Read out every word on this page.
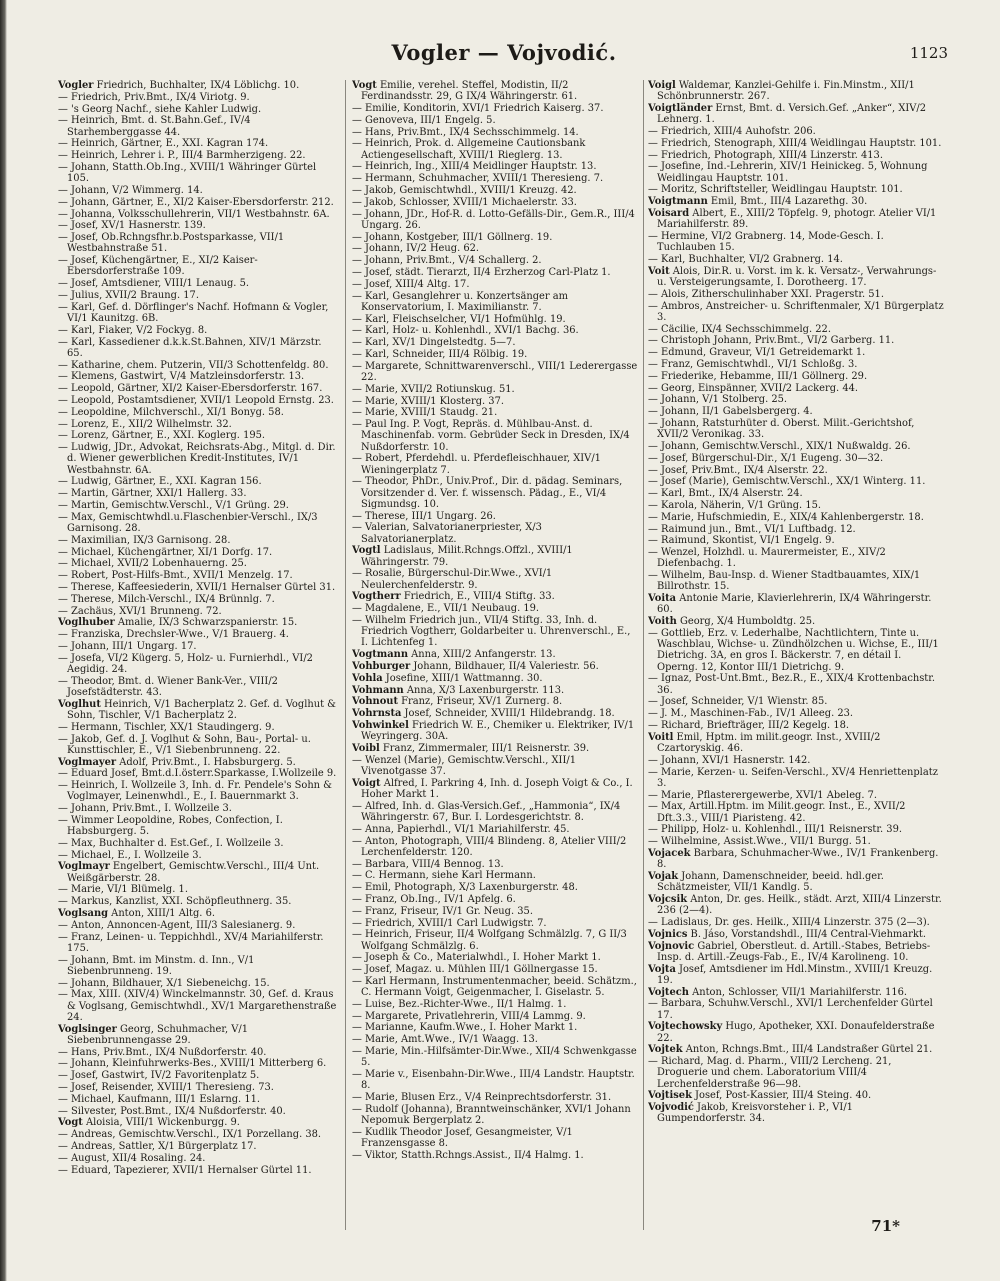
Vogler — Vojvodić.	1123
Vogler Friedrich, Buchhalter, IX/4 Löblichg. 10.
— Friedrich, Priv.Bmt., IX/4 Viriotg. 9.
— 's Georg Nachf., siehe Kahler Ludwig.
— Heinrich, Bmt. d. St.Bahn.Gef., IV/4 Starhemberggasse 44.
— Heinrich, Gärtner, E., XXI. Kagran 174.
— Heinrich, Lehrer i. P., III/4 Barmherzigeng. 22.
— Johann, Statth.Ob.Ing., XVIII/1 Währinger Gürtel 105.
— Johann, V/2 Wimmerg. 14.
— Johann, Gärtner, E., XI/2 Kaiser-Ebersdorferstr. 212.
— Johanna, Volksschullehrerin, VII/1 Westbahnstr. 6A.
— Josef, XV/1 Hasnerstr. 139.
— Josef, Ob.Rchngsfhr.b.Postsparkasse, VII/1 Westbahnstraße 51.
— Josef, Küchengärtner, E., XI/2 Kaiser-Ebersdorferstraße 109.
— Josef, Amtsdiener, VIII/1 Lenaug. 5.
— Julius, XVII/2 Braung. 17.
— Karl, Gef. d. Dörflinger's Nachf. Hofmann & Vogler, VI/1 Kaunitzg. 6B.
— Karl, Fiaker, V/2 Fockyg. 8.
— Karl, Kassediener d.k.k.St.Bahnen, XIV/1 Märzstr. 65.
— Katharine, chem. Putzerin, VII/3 Schottenfeldg. 80.
— Klemens, Gastwirt, V/4 Matzleinsdorferstr. 13.
— Leopold, Gärtner, XI/2 Kaiser-Ebersdorferstr. 167.
— Leopold, Postamtsdiener, XVII/1 Leopold Ernstg. 23.
— Leopoldine, Milchverschl., XI/1 Bonyg. 58.
— Lorenz, E., XII/2 Wilhelmstr. 32.
— Lorenz, Gärtner, E., XXI. Koglerg. 195.
— Ludwig, JDr., Advokat, Reichsrats-Abg., Mitgl. d. Dir. d. Wiener gewerblichen Kredit-Institutes, IV/1 Westbahnstr. 6A.
— Ludwig, Gärtner, E., XXI. Kagran 156.
— Martin, Gärtner, XXI/1 Hallerg. 33.
— Martin, Gemischtw.Verschl., V/1 Grüng. 29.
— Max, Gemischtwhdl.u.Flaschenbier-Verschl., IX/3 Garnisong. 28.
— Maximilian, IX/3 Garnisong. 28.
— Michael, Küchengärtner, XI/1 Dorfg. 17.
— Michael, XVII/2 Lobenhauerng. 25.
— Robert, Post-Hilfs-Bmt., XVII/1 Menzelg. 17.
— Therese, Kaffeesiederin, XVII/1 Hernalser Gürtel 31.
— Therese, Milch-Verschl., IX/4 Brünnlg. 7.
— Zachäus, XVI/1 Brunneng. 72.
Voglhuber Amalie, IX/3 Schwarzspanierstr. 15.
— Franziska, Drechsler-Wwe., V/1 Brauerg. 4.
— Johann, III/1 Ungarg. 17.
— Josefa, VI/2 Kügerg. 5, Holz- u. Furnierhdl., VI/2 Aegidig. 24.
— Theodor, Bmt. d. Wiener Bank-Ver., VIII/2 Josefstädterstr. 43.
Voglhut Heinrich, V/1 Bacherplatz 2. Gef. d. Voglhut & Sohn, Tischler, V/1 Bacherplatz 2.
— Hermann, Tischler, XX/1 Staudingerg. 9.
— Jakob, Gef. d. J. Voglhut & Sohn, Bau-, Portal- u. Kunsttischler, E., V/1 Siebenbrunneng. 22.
Voglmayer Adolf, Priv.Bmt., I. Habsburgerg. 5.
— Eduard Josef, Bmt.d.I.österr.Sparkasse, I.Wollzeile 9.
— Heinrich, I. Wollzeile 3, Inh. d. Fr. Pendele's Sohn & Voglmayer, Leinenwhdl., E., I. Bauernmarkt 3.
— Johann, Priv.Bmt., I. Wollzeile 3.
— Wimmer Leopoldine, Robes, Confection, I. Habsburgerg. 5.
— Max, Buchhalter d. Est.Gef., I. Wollzeile 3.
— Michael, E., I. Wollzeile 3.
Voglmayr Engelbert, Gemischtw.Verschl., III/4 Unt. Weißgärberstr. 28.
— Marie, VI/1 Blümelg. 1.
— Markus, Kanzlist, XXI. Schöpfleuthnerg. 35.
Voglsang Anton, XIII/1 Altg. 6.
— Anton, Annoncen-Agent, III/3 Salesianerg. 9.
— Franz, Leinen- u. Teppichhdl., XV/4 Mariahilferstr. 175.
— Johann, Bmt. im Minstm. d. Inn., V/1 Siebenbrunneng. 19.
— Johann, Bildhauer, X/1 Siebeneichg. 15.
— Max, XIII. (XIV/4) Winckelmannstr. 30, Gef. d. Kraus & Voglsang, Gemischtwhdl., XV/1 Margarethenstraße 24.
Voglsinger Georg, Schuhmacher, V/1 Siebenbrunnengasse 29.
— Hans, Priv.Bmt., IX/4 Nußdorferstr. 40.
— Johann, Kleinfuhrwerks-Bes., XVIII/1 Mitterberg 6.
— Josef, Gastwirt, IV/2 Favoritenplatz 5.
— Josef, Reisender, XVIII/1 Theresieng. 73.
— Michael, Kaufmann, III/1 Eslarng. 11.
— Silvester, Post.Bmt., IX/4 Nußdorferstr. 40.
Vogt Aloisia, VIII/1 Wickenburgg. 9.
— Andreas, Gemischtw.Verschl., IX/1 Porzellang. 38.
— Andreas, Sattler, X/1 Bürgerplatz 17.
— August, XII/4 Rosaling. 24.
— Eduard, Tapezierer, XVII/1 Hernalser Gürtel 11.
Vogt Emilie, verehel. Steffel, Modistin, II/2 Ferdinandsstr. 29, G IX/4 Währingerstr. 61.
— Emilie, Konditorin, XVI/1 Friedrich Kaiserg. 37.
— Genoveva, III/1 Engelg. 5.
— Hans, Priv.Bmt., IX/4 Sechsschimmelg. 14.
— Heinrich, Prok. d. Allgemeine Cautionsbank Actiengesellschaft, XVIII/1 Rieglerg. 13.
— Heinrich, Ing., XIII/4 Meidlinger Hauptstr. 13.
— Hermann, Schuhmacher, XVIII/1 Theresieng. 7.
— Jakob, Gemischtwhdl., XVIII/1 Kreuzg. 42.
— Jakob, Schlosser, XVIII/1 Michaelerstr. 33.
— Johann, JDr., Hof-R. d. Lotto-Gefälls-Dir., Gem.R., III/4 Ungarg. 26.
— Johann, Kostgeber, III/1 Göllnerg. 19.
— Johann, IV/2 Heug. 62.
— Johann, Priv.Bmt., V/4 Schallerg. 2.
— Josef, städt. Tierarzt, II/4 Erzherzog Carl-Platz 1.
— Josef, XIII/4 Altg. 17.
— Karl, Gesanglehrer u. Konzertsänger am Konservatorium, I. Maximilianstr. 7.
— Karl, Fleischselcher, VI/1 Hofmühlg. 19.
— Karl, Holz- u. Kohlenhdl., XVI/1 Bachg. 36.
— Karl, XV/1 Dingelstedtg. 5—7.
— Karl, Schneider, III/4 Rölbig. 19.
— Margarete, Schnittwarenverschl., VIII/1 Lederergasse 22.
— Marie, XVII/2 Rotiunskug. 51.
— Marie, XVIII/1 Klosterg. 37.
— Marie, XVIII/1 Staudg. 21.
— Paul Ing. P. Vogt, Repräs. d. Mühlbau-Anst. d. Maschinenfab. vorm. Gebrüder Seck in Dresden, IX/4 Nußdorferstr. 10.
— Robert, Pferdehdl. u. Pferdefleischhauer, XIV/1 Wieningerplatz 7.
— Theodor, PhDr., Univ.Prof., Dir. d. pädag. Seminars, Vorsitzender d. Ver. f. wissensch. Pädag., E., VI/4 Sigmundsg. 10.
— Therese, III/1 Ungarg. 26.
— Valerian, Salvatorianerpriester, X/3 Salvatorianerplatz.
Vogtl Ladislaus, Milit.Rchngs.Offzl., XVIII/1 Währingerstr. 79.
— Rosalie, Bürgerschul-Dir.Wwe., XVI/1 Neulerchenfelderstr. 9.
Vogtherr Friedrich, E., VIII/4 Stiftg. 33.
— Magdalene, E., VII/1 Neubaug. 19.
— Wilhelm Friedrich jun., VII/4 Stiftg. 33, Inh. d. Friedrich Vogtherr, Goldarbeiter u. Uhrenverschl., E., I. Lichtenfeg 1.
Vogtmann Anna, XIII/2 Anfangerstr. 13.
Vohburger Johann, Bildhauer, II/4 Valeriestr. 56.
Vohla Josefine, XIII/1 Wattmanng. 30.
Vohmann Anna, X/3 Laxenburgerstr. 113.
Vohnout Franz, Friseur, XV/1 Zurnerg. 8.
Vohrnsta Josef, Schneider, XVIII/1 Hildebrandg. 18.
Vohwinkel Friedrich W. E., Chemiker u. Elektriker, IV/1 Weyringerg. 30A.
Voibl Franz, Zimmermaler, III/1 Reisnerstr. 39.
— Wenzel (Marie), Gemischtw.Verschl., XII/1 Vivenotgasse 37.
Voigt Alfred, I. Parkring 4, Inh. d. Joseph Voigt & Co., I. Hoher Markt 1.
— Alfred, Inh. d. Glas-Versich.Gef., „Hammonia“, IX/4 Währingerstr. 67, Bur. I. Lordesgerichtstr. 8.
— Anna, Papierhdl., VI/1 Mariahilferstr. 45.
— Anton, Photograph, VIII/4 Blindeng. 8, Atelier VIII/2 Lerchenfelderstr. 120.
— Barbara, VIII/4 Bennog. 13.
— C. Hermann, siehe Karl Hermann.
— Emil, Photograph, X/3 Laxenburgerstr. 48.
— Franz, Ob.Ing., IV/1 Apfelg. 6.
— Franz, Friseur, IV/1 Gr. Neug. 35.
— Friedrich, XVIII/1 Carl Ludwigstr. 7.
— Heinrich, Friseur, II/4 Wolfgang Schmälzlg. 7, G II/3 Wolfgang Schmälzlg. 6.
— Joseph & Co., Materialwhdl., I. Hoher Markt 1.
— Josef, Magaz. u. Mühlen III/1 Göllnergasse 15.
— Karl Hermann, Instrumentenmacher, beeid. Schätzm., C. Hermann Voigt, Geigenmacher, I. Giselastr. 5.
— Luise, Bez.-Richter-Wwe., II/1 Halmg. 1.
— Margarete, Privatlehrerin, VIII/4 Lammg. 9.
— Marianne, Kaufm.Wwe., I. Hoher Markt 1.
— Marie, Amt.Wwe., IV/1 Waagg. 13.
— Marie, Min.-Hilfsämter-Dir.Wwe., XII/4 Schwenkgasse 5.
— Marie v., Eisenbahn-Dir.Wwe., III/4 Landstr. Hauptstr. 8.
— Marie, Blusen Erz., V/4 Reinprechtsdorferstr. 31.
— Rudolf (Johanna), Branntweinschänker, XVI/1 Johann Nepomuk Bergerplatz 2.
— Kudlik Theodor Josef, Gesangmeister, V/1 Franzensgasse 8.
— Viktor, Statth.Rchngs.Assist., II/4 Halmg. 1.
Voigl Waldemar, Kanzlei-Gehilfe i. Fin.Minstm., XII/1 Schönbrunnerstr. 267.
Voigtländer Ernst, Bmt. d. Versich.Gef. „Anker“, XIV/2 Lehnerg. 1.
— Friedrich, XIII/4 Auhofstr. 206.
— Friedrich, Stenograph, XIII/4 Weidlingau Hauptstr. 101.
— Friedrich, Photograph, XIII/4 Linzerstr. 413.
— Josefine, Ind.-Lehrerin, XIV/1 Heinickeg. 5, Wohnung Weidlingau Hauptstr. 101.
— Moritz, Schriftsteller, Weidlingau Hauptstr. 101.
Voigtmann Emil, Bmt., III/4 Lazarethg. 30.
Voisard Albert, E., XIII/2 Töpfelg. 9, photogr. Atelier VI/1 Mariahilferstr. 89.
— Hermine, VI/2 Grabnerg. 14, Mode-Gesch. I. Tuchlauben 15.
— Karl, Buchhalter, VI/2 Grabnerg. 14.
Voit Alois, Dir.R. u. Vorst. im k. k. Versatz-, Verwahrungs- u. Versteigerungsamte, I. Dorotheerg. 17.
— Alois, Zitherschulinhaber XXI. Pragerstr. 51.
— Ambros, Anstreicher- u. Schriftenmaler, X/1 Bürgerplatz 3.
— Cäcilie, IX/4 Sechsschimmelg. 22.
— Christoph Johann, Priv.Bmt., VI/2 Garberg. 11.
— Edmund, Graveur, VI/1 Getreidemarkt 1.
— Franz, Gemischtwhdl., VI/1 Schloßg. 3.
— Friederike, Hebamme, III/1 Göllnerg. 29.
— Georg, Einspänner, XVII/2 Lackerg. 44.
— Johann, V/1 Stolberg. 25.
— Johann, II/1 Gabelsbergerg. 4.
— Johann, Ratsturhüter d. Oberst. Milit.-Gerichtshof, XVII/2 Veronikag. 33.
— Johann, Gemischtw.Verschl., XIX/1 Nußwaldg. 26.
— Josef, Bürgerschul-Dir., X/1 Eugeng. 30—32.
— Josef, Priv.Bmt., IX/4 Alserstr. 22.
— Josef (Marie), Gemischtw.Verschl., XX/1 Winterg. 11.
— Karl, Bmt., IX/4 Alserstr. 24.
— Karola, Näherin, V/1 Grüng. 15.
— Marie, Hufschmiedin, E., XIX/4 Kahlenbergerstr. 18.
— Raimund jun., Bmt., VI/1 Luftbadg. 12.
— Raimund, Skontist, VI/1 Engelg. 9.
— Wenzel, Holzhdl. u. Maurermeister, E., XIV/2 Diefenbachg. 1.
— Wilhelm, Bau-Insp. d. Wiener Stadtbauamtes, XIX/1 Billrothstr. 15.
Voita Antonie Marie, Klavierlehrerin, IX/4 Währingerstr. 60.
Voith Georg, X/4 Humboldtg. 25.
— Gottlieb, Erz. v. Lederhalbe, Nachtlichtern, Tinte u. Waschblau, Wichse- u. Zündhölzchen u. Wichse, E., III/1 Dietrichg. 3A, en gros I. Bäckerstr. 7, en détail I. Operng. 12, Kontor III/1 Dietrichg. 9.
— Ignaz, Post-Unt.Bmt., Bez.R., E., XIX/4 Krottenbachstr. 36.
— Josef, Schneider, V/1 Wienstr. 85.
— J. M., Maschinen-Fab., IV/1 Alleeg. 23.
— Richard, Briefträger, III/2 Kegelg. 18.
Voitl Emil, Hptm. im milit.geogr. Inst., XVIII/2 Czartoryskig. 46.
— Johann, XVI/1 Hasnerstr. 142.
— Marie, Kerzen- u. Seifen-Verschl., XV/4 Henriettenplatz 3.
— Marie, Pflasterergewerbe, XVI/1 Abeleg. 7.
— Max, Artill.Hptm. im Milit.geogr. Inst., E., XVII/2 Dft.3.3., VIII/1 Piaristeng. 42.
— Philipp, Holz- u. Kohlenhdl., III/1 Reisnerstr. 39.
— Wilhelmine, Assist.Wwe., VII/1 Burgg. 51.
Vojacek Barbara, Schuhmacher-Wwe., IV/1 Frankenberg. 8.
Vojak Johann, Damenschneider, beeid. hdl.ger. Schätzmeister, VII/1 Kandlg. 5.
Vojcsik Anton, Dr. ges. Heilk., städt. Arzt, XIII/4 Linzerstr. 236 (2—4).
— Ladislaus, Dr. ges. Heilk., XIII/4 Linzerstr. 375 (2—3).
Vojnics B. Jáso, Vorstandshdl., III/4 Central-Viehmarkt.
Vojnovic Gabriel, Oberstleut. d. Artill.-Stabes, Betriebs-Insp. d. Artill.-Zeugs-Fab., E., IV/4 Karolineng. 10.
Vojta Josef, Amtsdiener im Hdl.Minstm., XVIII/1 Kreuzg. 19.
Vojtech Anton, Schlosser, VII/1 Mariahilferstr. 116.
— Barbara, Schuhw.Verschl., XVI/1 Lerchenfelder Gürtel 17.
Vojtechowsky Hugo, Apotheker, XXI. Donaufelderstraße 22.
Vojtek Anton, Rchngs.Bmt., III/4 Landstraßer Gürtel 21.
— Richard, Mag. d. Pharm., VIII/2 Lercheng. 21, Droguerie und chem. Laboratorium VIII/4 Lerchenfelderstraße 96—98.
Vojtisek Josef, Post-Kassier, III/4 Steing. 40.
Vojvodić Jakob, Kreisvorsteher i. P., VI/1 Gumpendorferstr. 34.
71*
